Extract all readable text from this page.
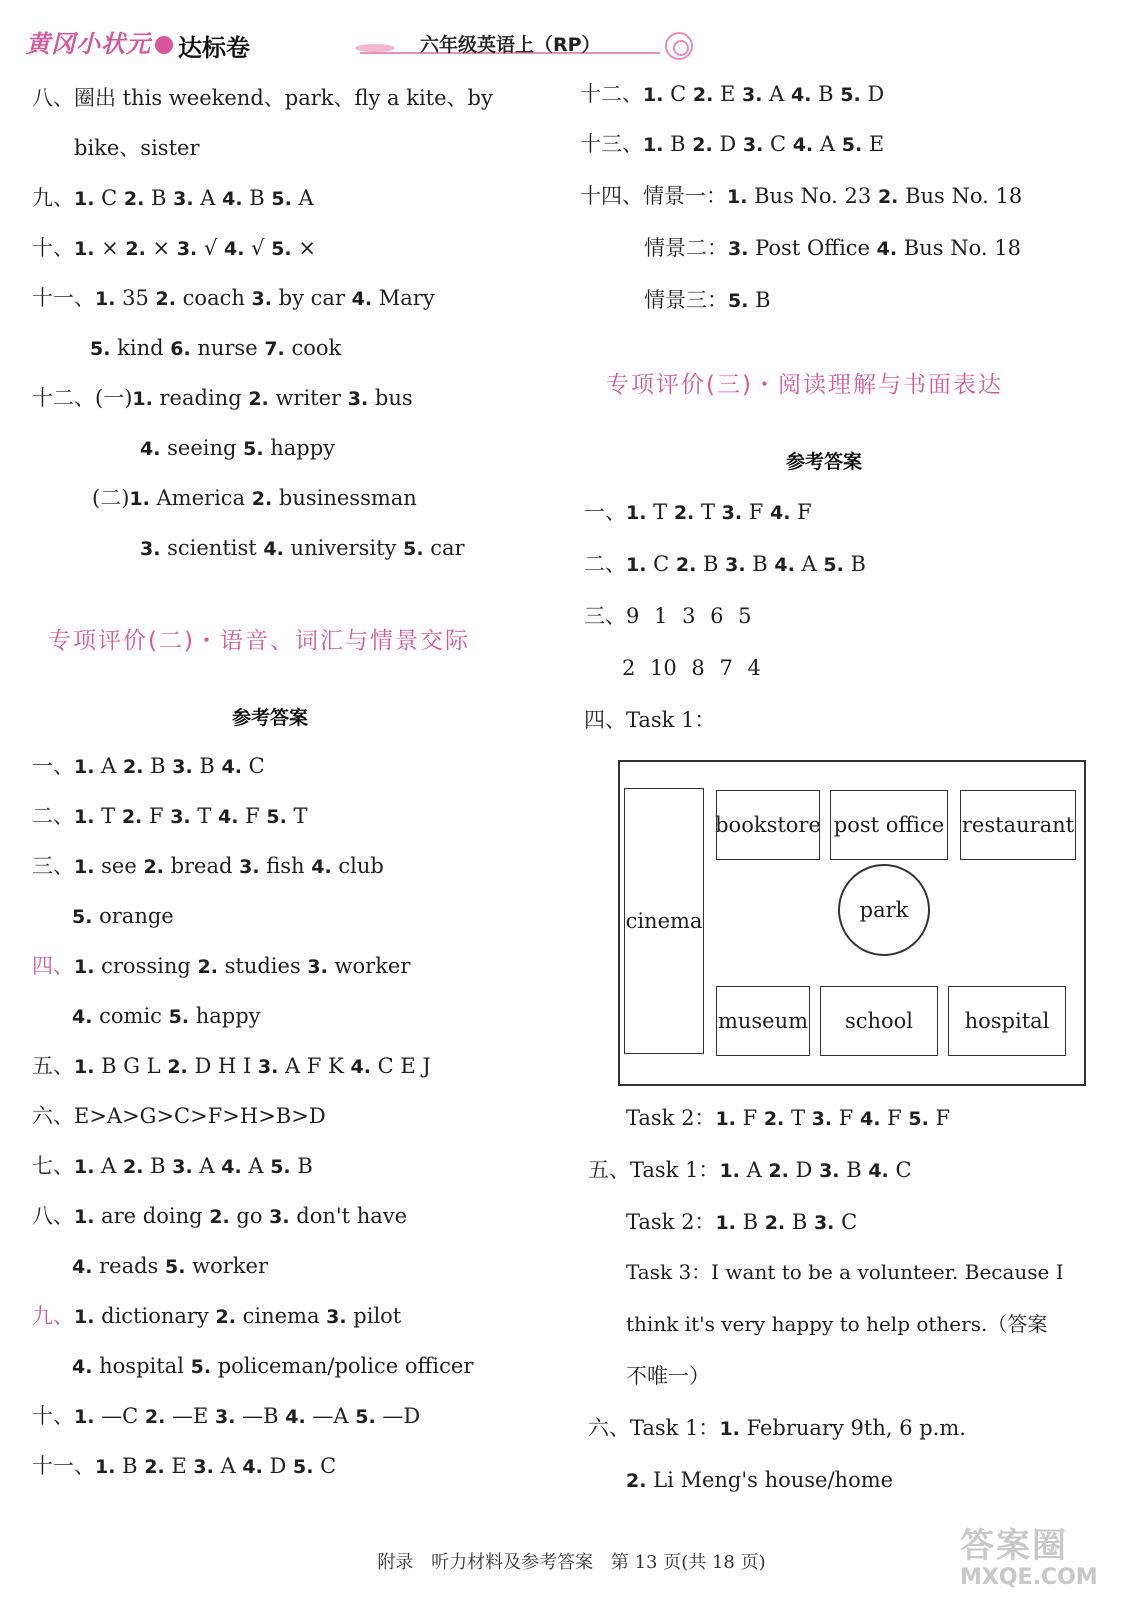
黄冈小状元	达标卷	六年级英语上（RP）
八、圈出 this weekend、park、fly a kite、by
bike、sister
九、1. C 2. B 3. A 4. B 5. A
十、1. × 2. × 3. √ 4. √ 5. ×
十一、1. 35 2. coach 3. by car 4. Mary
5. kind 6. nurse 7. cook
十二、(一)1. reading 2. writer 3. bus
4. seeing 5. happy
(二)1. America 2. businessman
3. scientist 4. university 5. car
专项评价(二)・语音、词汇与情景交际
参考答案
一、1. A 2. B 3. B 4. C
二、1. T 2. F 3. T 4. F 5. T
三、1. see 2. bread 3. fish 4. club
5. orange
四、1. crossing 2. studies 3. worker
4. comic 5. happy
五、1. B G L 2. D H I 3. A F K 4. C E J
六、E>A>G>C>F>H>B>D
七、1. A 2. B 3. A 4. A 5. B
八、1. are doing 2. go 3. don't have
4. reads 5. worker
九、1. dictionary 2. cinema 3. pilot
4. hospital 5. policeman/police officer
十、1. —C 2. —E 3. —B 4. —A 5. —D
十一、1. B 2. E 3. A 4. D 5. C
十二、1. C 2. E 3. A 4. B 5. D
十三、1. B 2. D 3. C 4. A 5. E
十四、情景一：1. Bus No. 23 2. Bus No. 18
情景二：3. Post Office 4. Bus No. 18
情景三：5. B
专项评价(三)・阅读理解与书面表达
参考答案
一、1. T 2. T 3. F 4. F
二、1. C 2. B 3. B 4. A 5. B
三、9 1 3 6 5
2 10 8 7 4
四、Task 1：
cinema
bookstore post office restaurant
park
museum school hospital
Task 2：1. F 2. T 3. F 4. F 5. F
五、Task 1：1. A 2. D 3. B 4. C
Task 2：1. B 2. B 3. C
Task 3：I want to be a volunteer. Because I
think it's very happy to help others.（答案
不唯一）
六、Task 1：1. February 9th, 6 p.m.
2. Li Meng's house/home
附录 听力材料及参考答案 第 13 页(共 18 页)	答案圈
MXQE.COM
